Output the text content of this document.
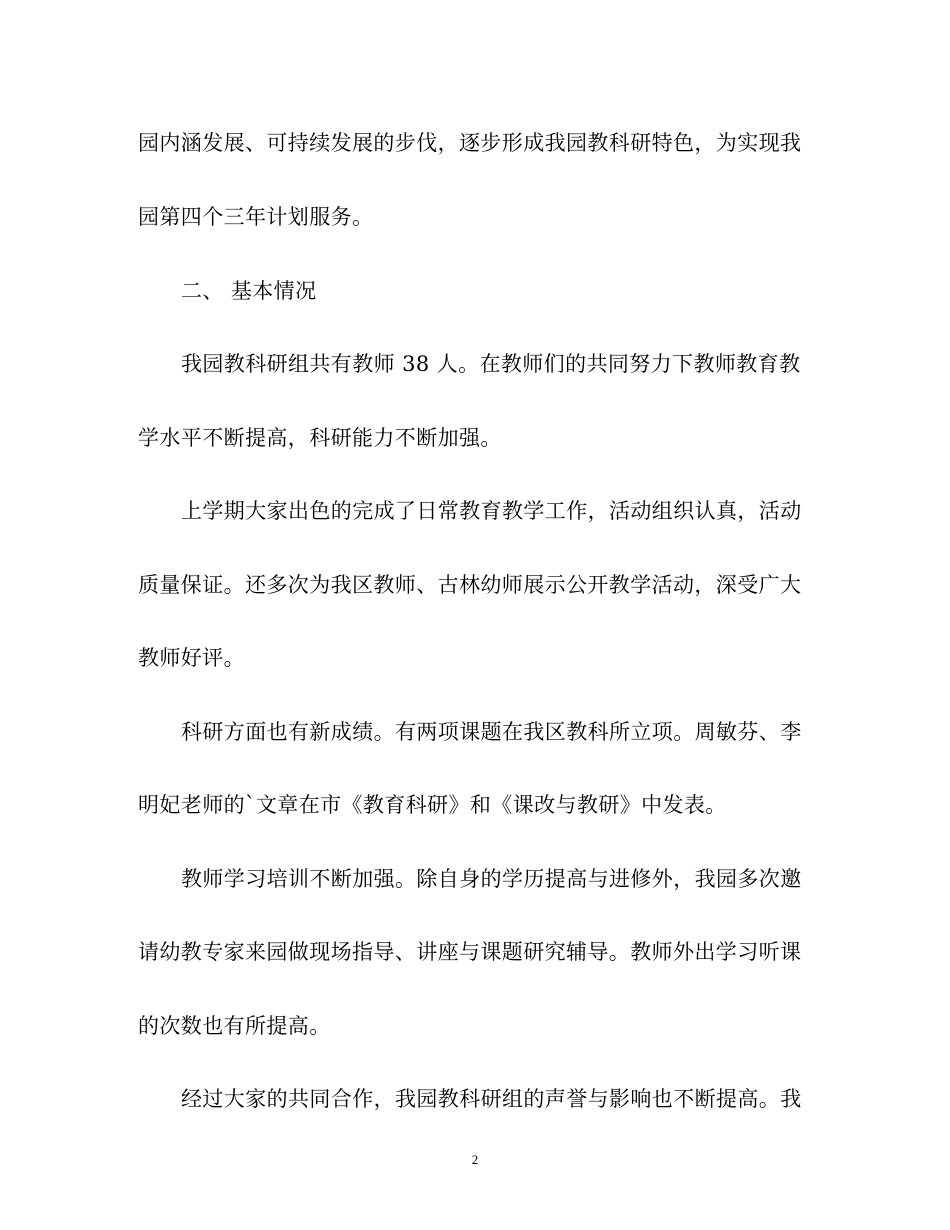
园内涵发展、可持续发展的步伐，逐步形成我园教科研特色，为实现我
园第四个三年计划服务。
二、 基本情况
我园教科研组共有教师 38 人。在教师们的共同努力下教师教育教
学水平不断提高，科研能力不断加强。
上学期大家出色的完成了日常教育教学工作，活动组织认真，活动
质量保证。还多次为我区教师、古林幼师展示公开教学活动，深受广大
教师好评。
科研方面也有新成绩。有两项课题在我区教科所立项。周敏芬、李
明妃老师的`文章在市《教育科研》和《课改与教研》中发表。
教师学习培训不断加强。除自身的学历提高与进修外，我园多次邀
请幼教专家来园做现场指导、讲座与课题研究辅导。教师外出学习听课
的次数也有所提高。
经过大家的共同合作，我园教科研组的声誉与影响也不断提高。我
2
